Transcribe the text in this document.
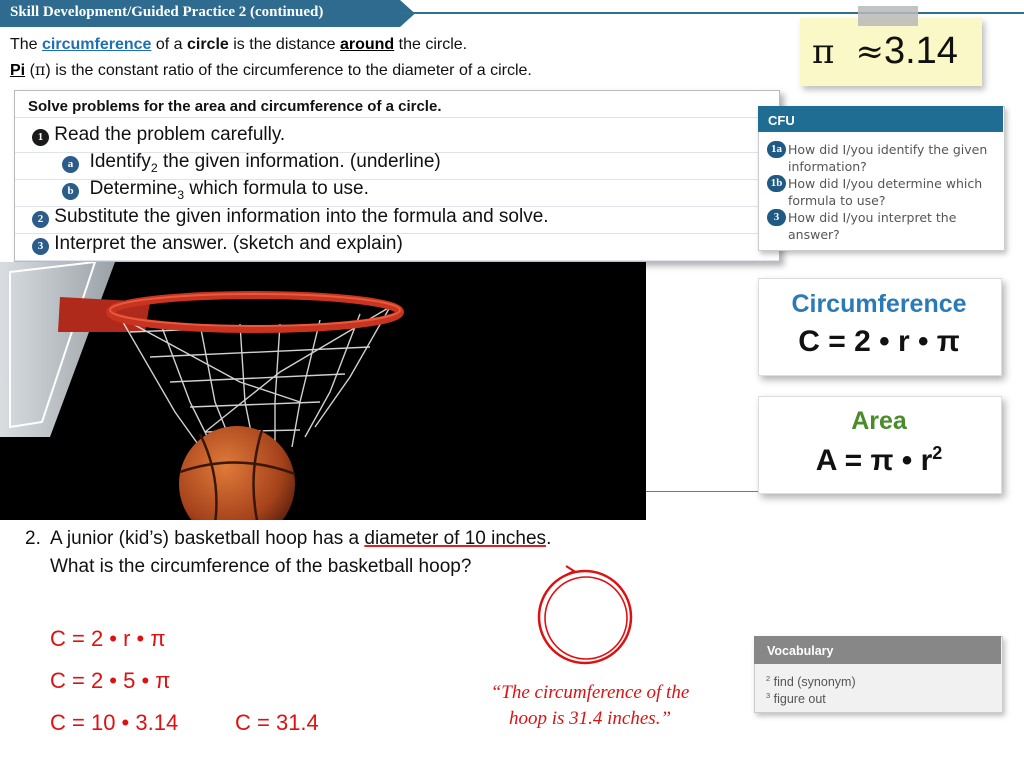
Skill Development/Guided Practice 2 (continued)
The circumference of a circle is the distance around the circle.
Pi (π) is the constant ratio of the circumference to the diameter of a circle.	π ≈3.14
Solve problems for the area and circumference of a circle.
1 Read the problem carefully.
a Identify$_2$ the given information. (underline)
b Determine$_3$ which formula to use.
2 Substitute the given information into the formula and solve.
3 Interpret the answer. (sketch and explain)
CFU
1a How did I/you identify the given information?
1b How did I/you determine which formula to use?
3 How did I/you interpret the answer?
Circumference
C = 2 • r • π
Area
A = π • $r^2$
2. A junior (kid’s) basketball hoop has a diameter of 10 inches.
What is the circumference of the basketball hoop?
C = 2 • r • π
C = 2 • 5 • π
C = 10 • 3.14	C = 31.4
“The circumference of the
hoop is 31.4 inches.”
Vocabulary
$^2$ find (synonym)
$^3$ figure out
